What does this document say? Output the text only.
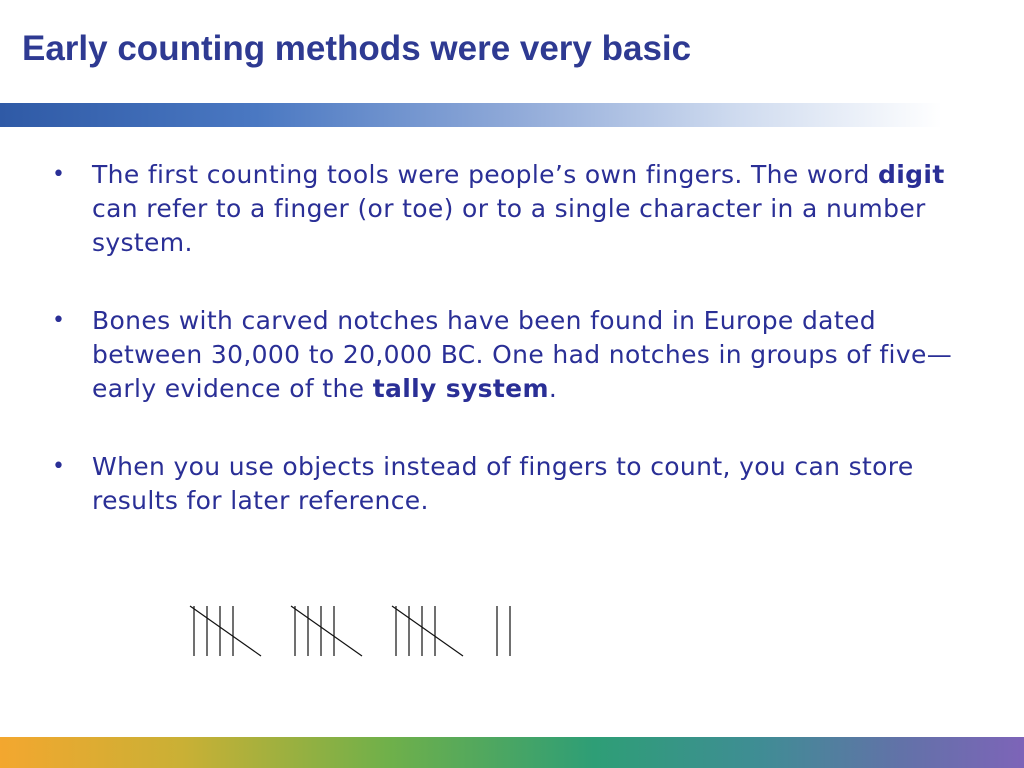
Early counting methods were very basic
• The first counting tools were people’s own fingers. The word digit can refer to a finger (or toe) or to a single character in a number system.
• Bones with carved notches have been found in Europe dated between 30,000 to 20,000 BC. One had notches in groups of five—early evidence of the tally system.
• When you use objects instead of fingers to count, you can store results for later reference.
